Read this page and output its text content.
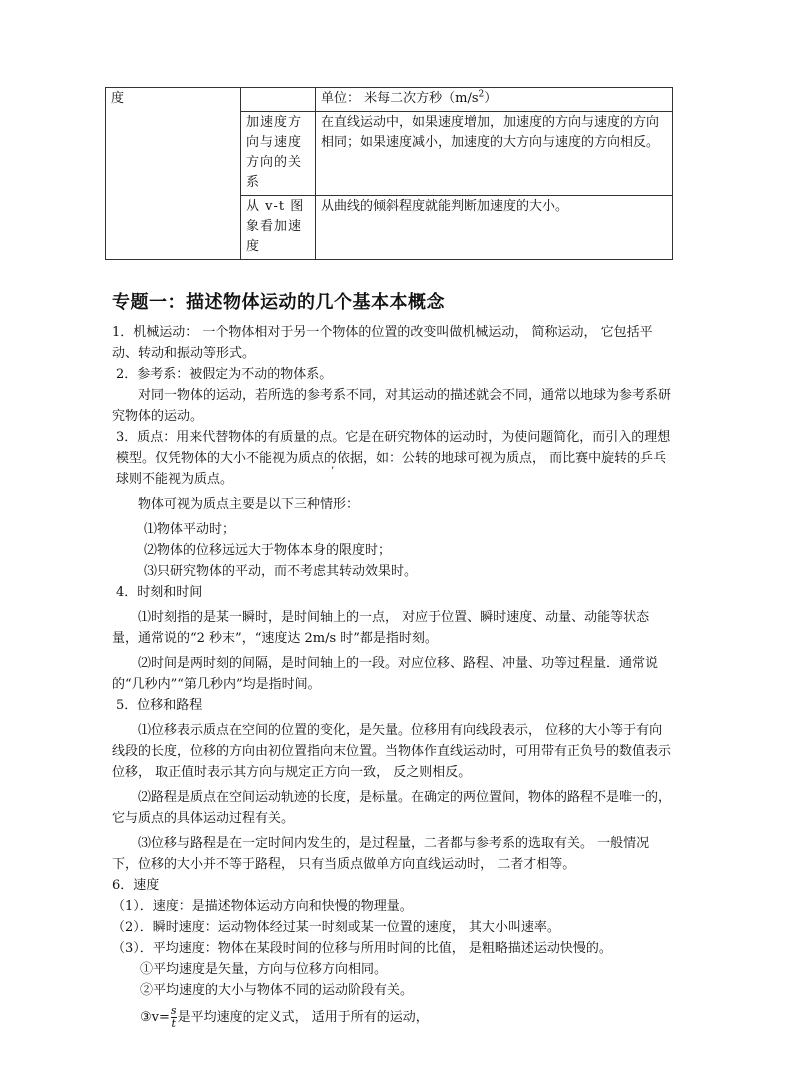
度		单位： 米每二次方秒$(m/s^2)$
	加速度方向与速度方向的关系	在直线运动中，如果速度增加，加速度的方向与速度的方向相同；如果速度减小，加速度的大方向与速度的方向相反。
	从 v-t 图象看加速度	从曲线的倾斜程度就能判断加速度的大小。
专题一：描述物体运动的几个基本本概念

1．机械运动： 一个物体相对于另一个物体的位置的改变叫做机械运动， 简称运动， 它包括平动、转动和振动等形式。

2．参考系：被假定为不动的物体系。

对同一物体的运动，若所选的参考系不同，对其运动的描述就会不同，通常以地球为参考系研究物体的运动。

3．质点：用来代替物体的有质量的点。它是在研究物体的运动时，为使问题简化，而引入的理想模型。仅凭物体的大小不能视为质点的依据，如：公转的地球可视为质点， 而比赛中旋转的乒乓球则不能视为质点。

物体可视为质点主要是以下三种情形：

⑴物体平动时；

⑵物体的位移远远大于物体本身的限度时；

⑶只研究物体的平动，而不考虑其转动效果时。

4．时刻和时间

⑴时刻指的是某一瞬时，是时间轴上的一点， 对应于位置、瞬时速度、动量、动能等状态量，通常说的“2 秒末”，“速度达 2m/s 时”都是指时刻。

⑵时间是两时刻的间隔，是时间轴上的一段。对应位移、路程、冲量、功等过程量．通常说的“几秒内”“第几秒内”均是指时间。

5．位移和路程

⑴位移表示质点在空间的位置的变化，是矢量。位移用有向线段表示， 位移的大小等于有向线段的长度，位移的方向由初位置指向末位置。当物体作直线运动时，可用带有正负号的数值表示位移， 取正值时表示其方向与规定正方向一致， 反之则相反。

⑵路程是质点在空间运动轨迹的长度，是标量。在确定的两位置间，物体的路程不是唯一的，它与质点的具体运动过程有关。

⑶位移与路程是在一定时间内发生的，是过程量，二者都与参考系的选取有关。 一般情况下，位移的大小并不等于路程， 只有当质点做单方向直线运动时， 二者才相等。

6．速度

（1）．速度：是描述物体运动方向和快慢的物理量。

（2）．瞬时速度：运动物体经过某一时刻或某一位置的速度， 其大小叫速率。

（3）．平均速度：物体在某段时间的位移与所用时间的比值， 是粗略描述运动快慢的。

①平均速度是矢量，方向与位移方向相同。

②平均速度的大小与物体不同的运动阶段有关。

③v= $\frac{s}{t}$ 是平均速度的定义式， 适用于所有的运动，

’
